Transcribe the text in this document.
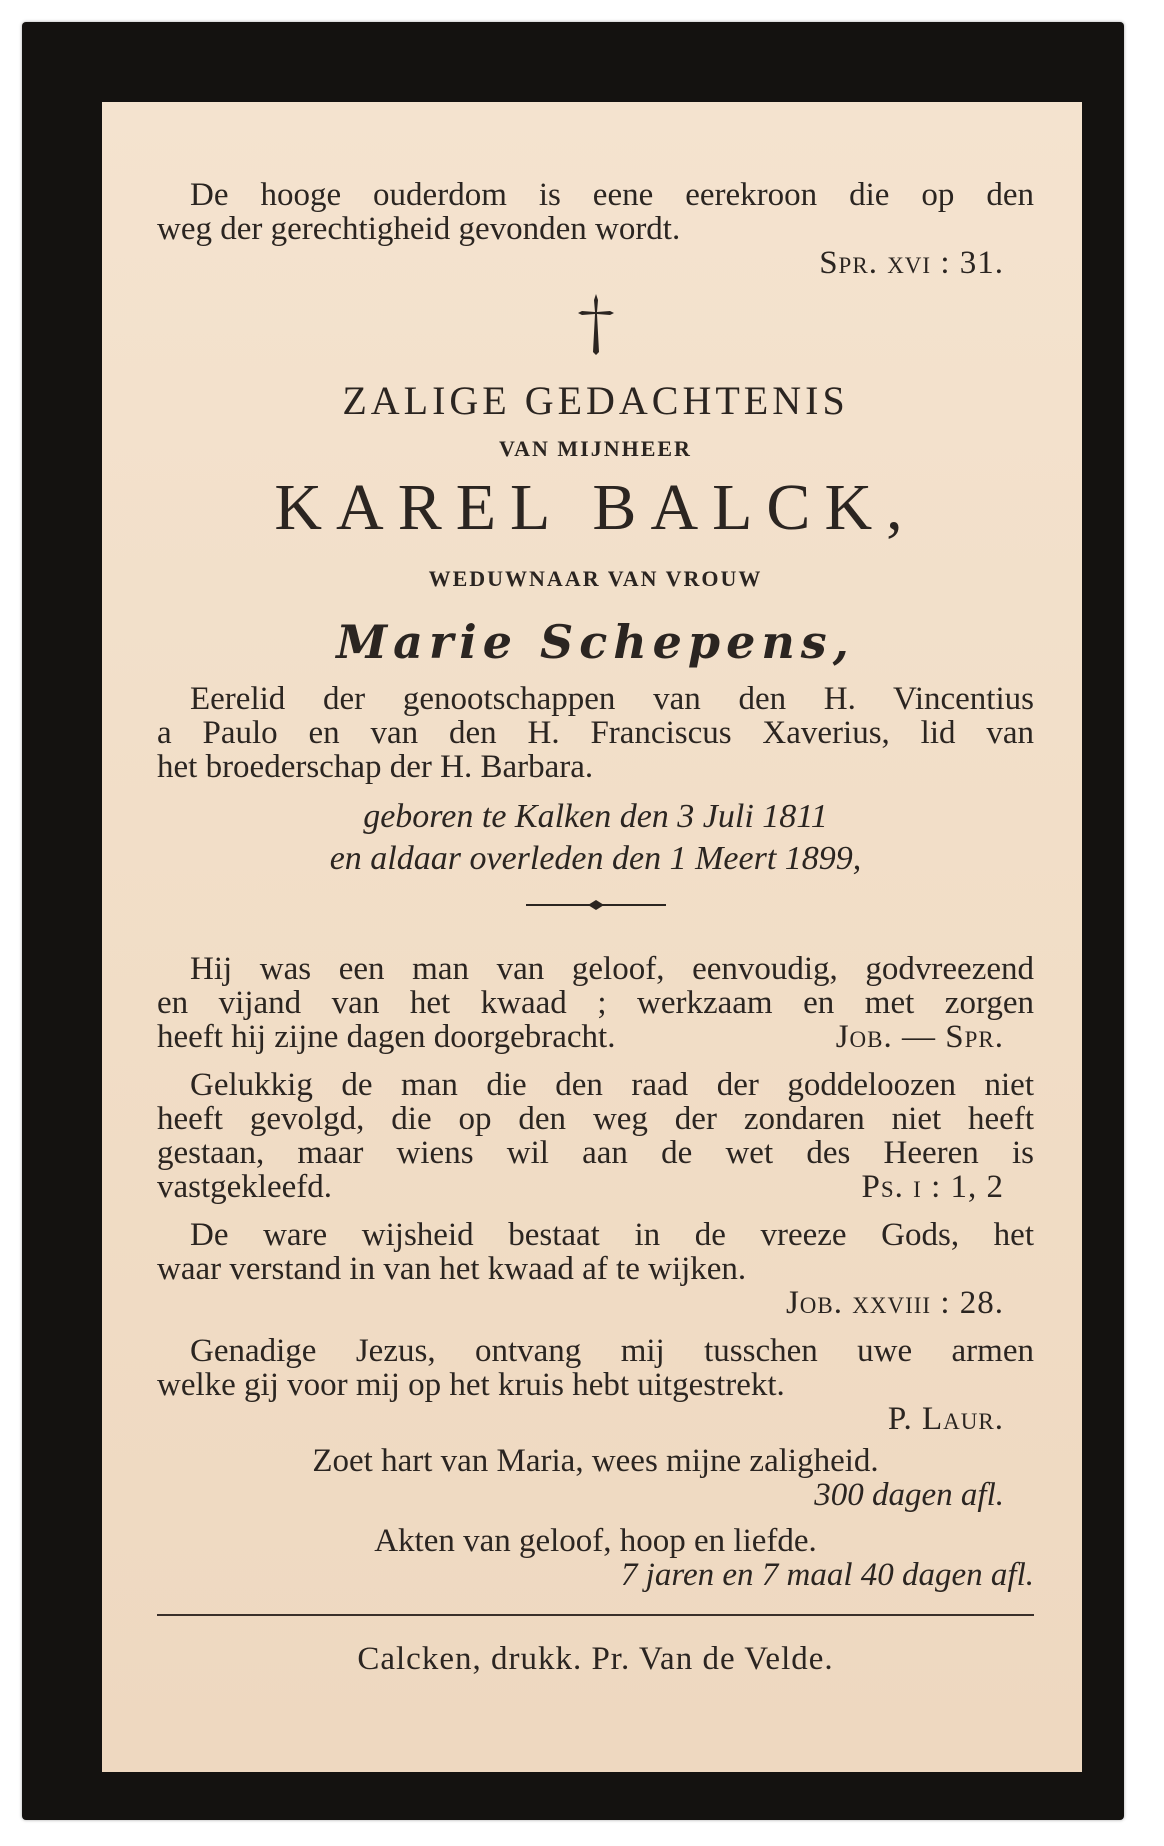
De hooge ouderdom is eene eerekroon die op den
weg der gerechtigheid gevonden wordt.
Spr. xvi : 31.
ZALIGE GEDACHTENIS
VAN MIJNHEER
KAREL BALCK,
WEDUWNAAR VAN VROUW
Marie Schepens,
Eerelid der genootschappen van den H. Vincentius
a Paulo en van den H. Franciscus Xaverius, lid van
het broederschap der H. Barbara.
geboren te Kalken den 3 Juli 1811
en aldaar overleden den 1 Meert 1899,
Hij was een man van geloof, eenvoudig, godvreezend
en vijand van het kwaad ; werkzaam en met zorgen
heeft hij zijne dagen doorgebracht.	Job. — Spr.
Gelukkig de man die den raad der goddeloozen niet
heeft gevolgd, die op den weg der zondaren niet heeft
gestaan, maar wiens wil aan de wet des Heeren is
vastgekleefd.	Ps. i : 1, 2
De ware wijsheid bestaat in de vreeze Gods, het
waar verstand in van het kwaad af te wijken.
Job. xxviii : 28.
Genadige Jezus, ontvang mij tusschen uwe armen
welke gij voor mij op het kruis hebt uitgestrekt.
P. Laur.
Zoet hart van Maria, wees mijne zaligheid.
300 dagen afl.
Akten van geloof, hoop en liefde.
7 jaren en 7 maal 40 dagen afl.
Calcken, drukk. Pr. Van de Velde.
